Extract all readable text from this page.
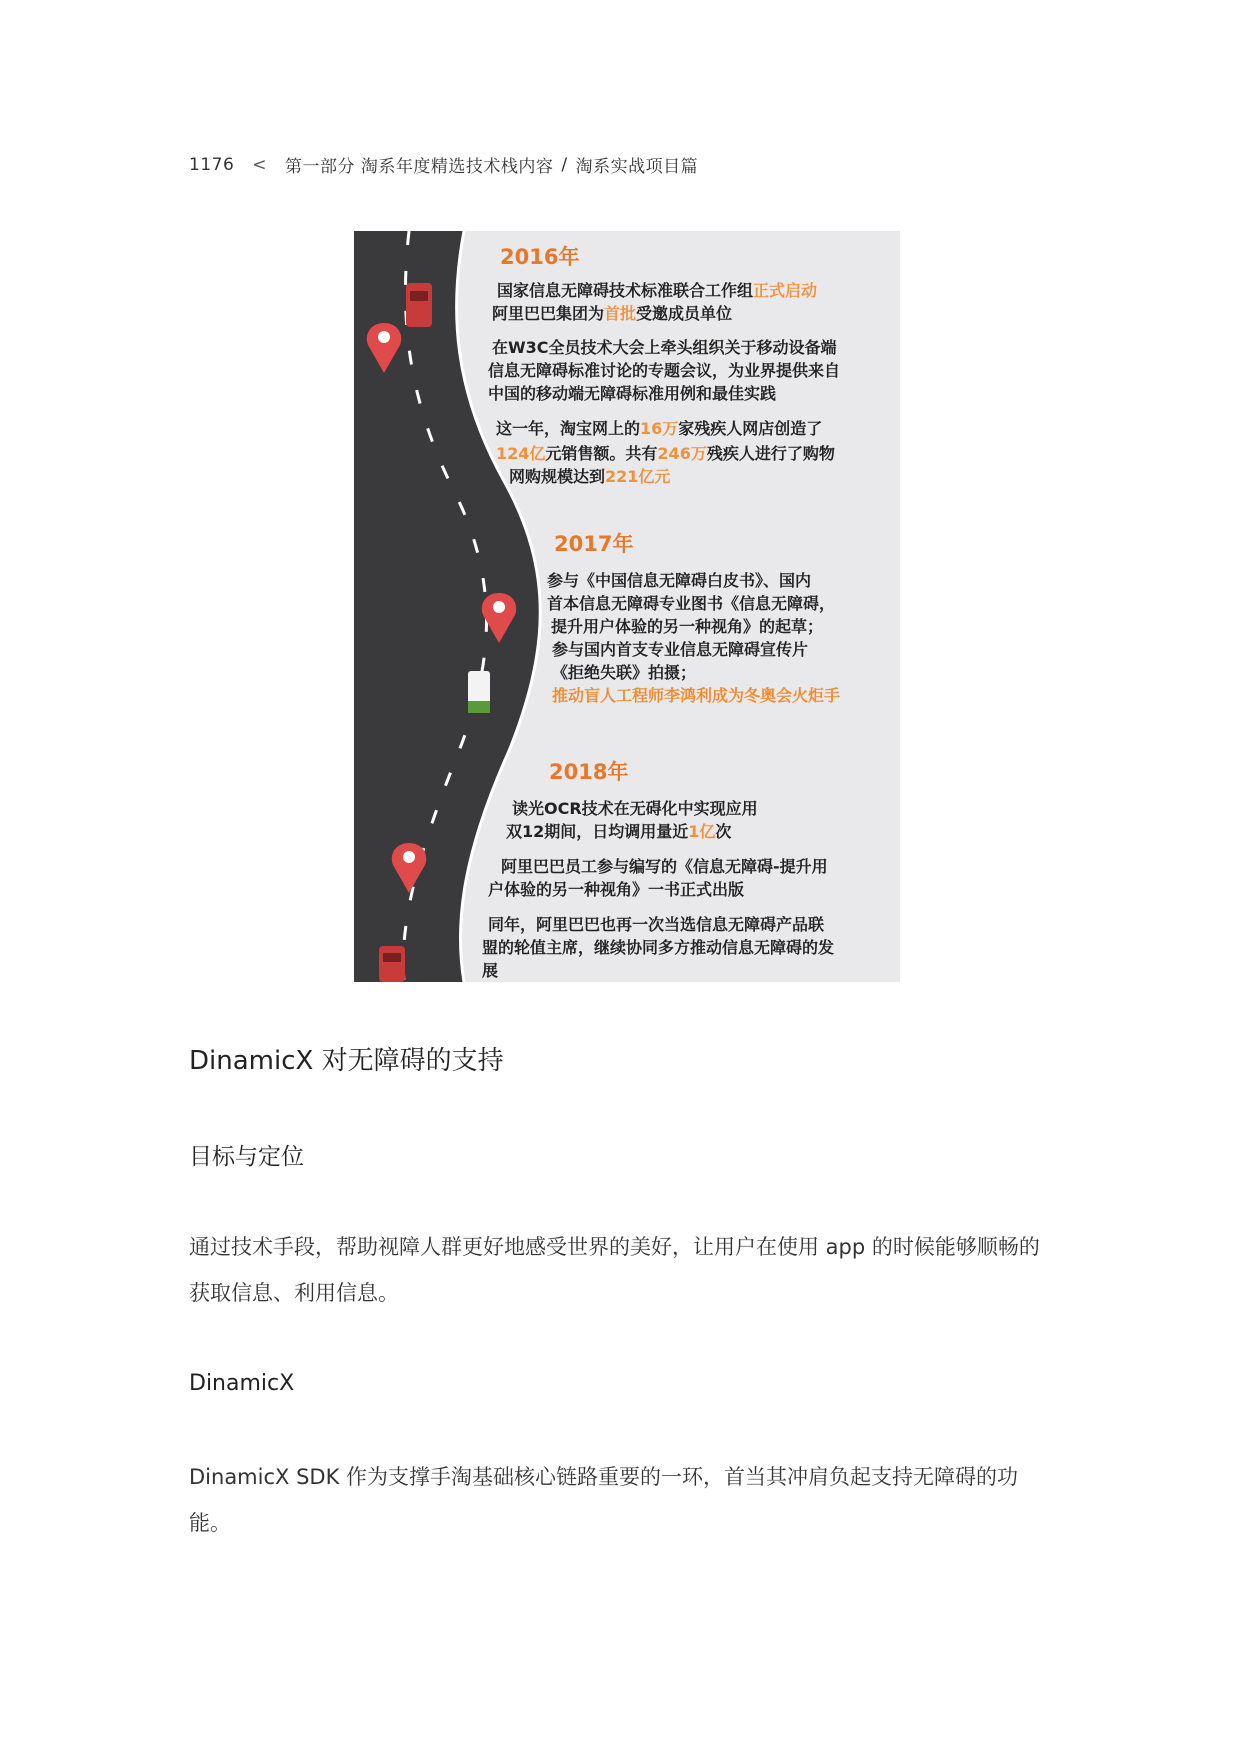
1176 < 第一部分 淘系年度精选技术栈内容 / 淘系实战项目篇
2016年
国家信息无障碍技术标准联合工作组正式启动
阿里巴巴集团为首批受邀成员单位
在W3C全员技术大会上牵头组织关于移动设备端
信息无障碍标准讨论的专题会议，为业界提供来自
中国的移动端无障碍标准用例和最佳实践
这一年，淘宝网上的16万家残疾人网店创造了
124亿元销售额。共有246万残疾人进行了购物
网购规模达到221亿元
2017年
参与《中国信息无障碍白皮书》、国内
首本信息无障碍专业图书《信息无障碍，
提升用户体验的另一种视角》的起草；
参与国内首支专业信息无障碍宣传片
《拒绝失联》拍摄；
推动盲人工程师李鸿利成为冬奥会火炬手
2018年
读光OCR技术在无碍化中实现应用
双12期间，日均调用量近1亿次
阿里巴巴员工参与编写的《信息无障碍-提升用
户体验的另一种视角》一书正式出版
同年，阿里巴巴也再一次当选信息无障碍产品联
盟的轮值主席，继续协同多方推动信息无障碍的发
展
DinamicX 对无障碍的支持
目标与定位
通过技术手段，帮助视障人群更好地感受世界的美好，让用户在使用 app 的时候能够顺畅的获取信息、利用信息。
DinamicX
DinamicX SDK 作为支撑手淘基础核心链路重要的一环，首当其冲肩负起支持无障碍的功能。
